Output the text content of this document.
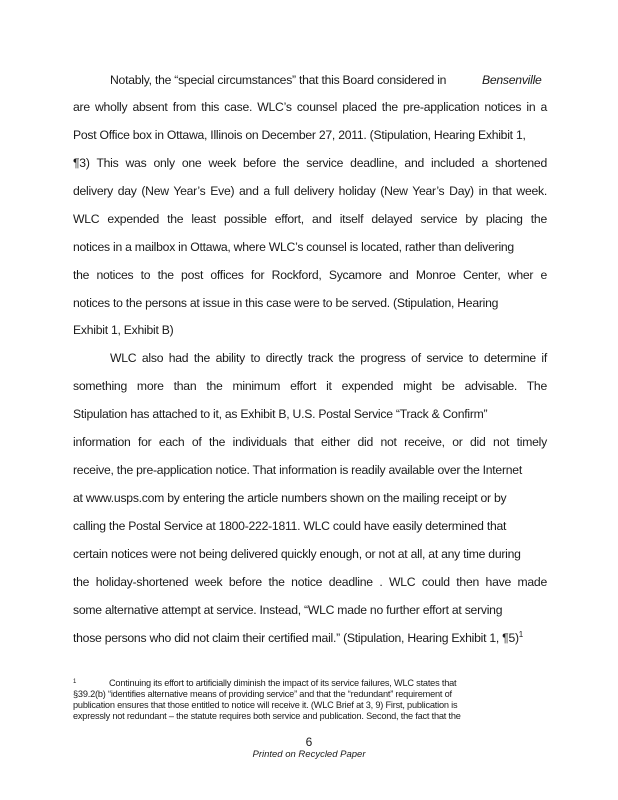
Notably, the “special circumstances” that this Board considered in	Bensenville
are wholly absent from this case. WLC’s counsel placed the pre-application notices in a
Post Office box in Ottawa, Illinois on December 27, 2011. (Stipulation, Hearing Exhibit 1,
¶3) This was only one week before the service deadline, and included a shortened
delivery day (New Year’s Eve) and a full delivery holiday (New Year’s Day) in that week.
WLC expended the least possible effort, and itself delayed service by placing the
notices in a mailbox in Ottawa, where WLC’s counsel is located, rather than delivering
the notices to the post offices for Rockford, Sycamore and Monroe Center, wher e
notices to the persons at issue in this case were to be served. (Stipulation, Hearing
Exhibit 1, Exhibit B)
WLC also had the ability to directly track the progress of service to determine if
something more than the minimum effort it expended might be advisable. The
Stipulation has attached to it, as Exhibit B, U.S. Postal Service “Track & Confirm”
information for each of the individuals that either did not receive, or did not timely
receive, the pre-application notice. That information is readily available over the Internet
at www.usps.com by entering the article numbers shown on the mailing receipt or by
calling the Postal Service at 1800-222-1811. WLC could have easily determined that
certain notices were not being delivered quickly enough, or not at all, at any time during
the holiday-shortened week before the notice deadline . WLC could then have made
some alternative attempt at service. Instead, “WLC made no further effort at serving
those persons who did not claim their certified mail.” (Stipulation, Hearing Exhibit 1, ¶5)$^1$
$^1$	Continuing its effort to artificially diminish the impact of its service failures, WLC states that
§39.2(b) “identifies alternative means of providing service” and that the “redundant” requirement of
publication ensures that those entitled to notice will receive it. (WLC Brief at 3, 9) First, publication is
expressly not redundant – the statute requires both service and publication. Second, the fact that the
6
Printed on Recycled Paper
